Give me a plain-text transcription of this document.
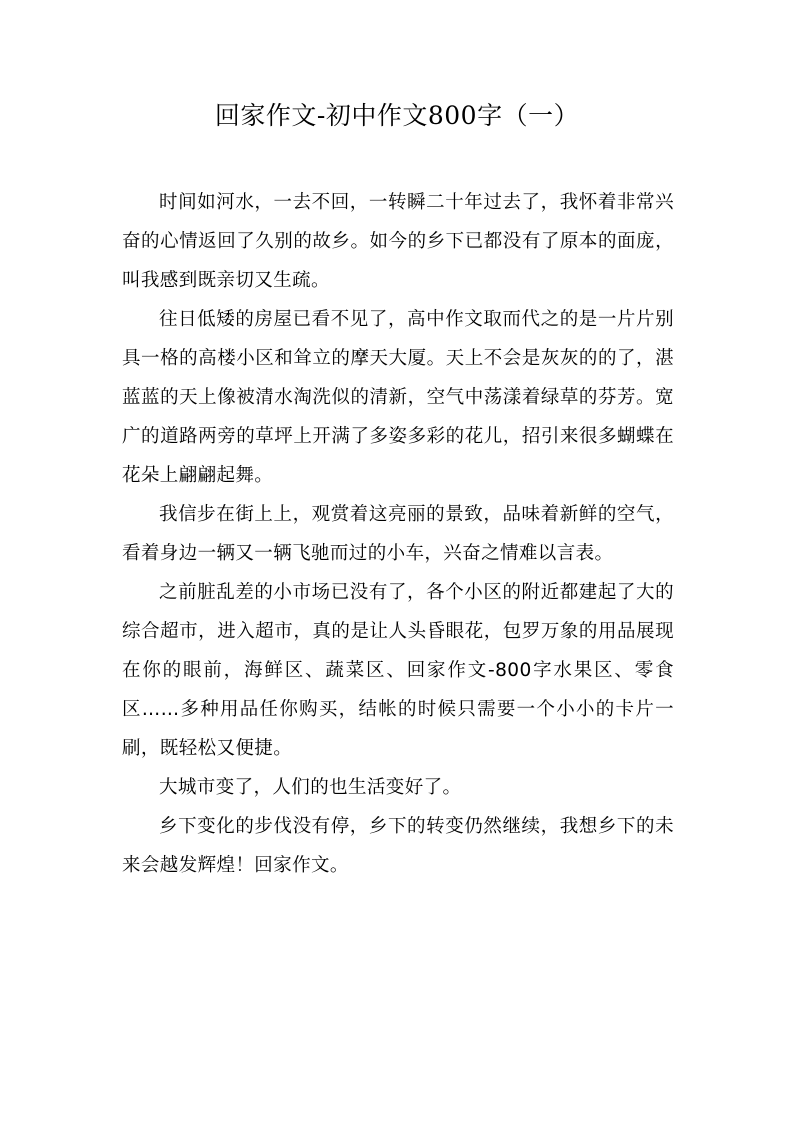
回家作文-初中作文800字（一）

时间如河水，一去不回，一转瞬二十年过去了，我怀着非常兴奋的心情返回了久别的故乡。如今的乡下已都没有了原本的面庞，叫我感到既亲切又生疏。

往日低矮的房屋已看不见了，高中作文取而代之的是一片片别具一格的高楼小区和耸立的摩天大厦。天上不会是灰灰的的了，湛蓝蓝的天上像被清水淘洗似的清新，空气中荡漾着绿草的芬芳。宽广的道路两旁的草坪上开满了多姿多彩的花儿，招引来很多蝴蝶在花朵上翩翩起舞。

我信步在街上上，观赏着这亮丽的景致，品味着新鲜的空气，看着身边一辆又一辆飞驰而过的小车，兴奋之情难以言表。

之前脏乱差的小市场已没有了，各个小区的附近都建起了大的综合超市，进入超市，真的是让人头昏眼花，包罗万象的用品展现在你的眼前，海鲜区、蔬菜区、回家作文-800字水果区、零食区……多种用品任你购买，结帐的时候只需要一个小小的卡片一刷，既轻松又便捷。

大城市变了，人们的也生活变好了。

乡下变化的步伐没有停，乡下的转变仍然继续，我想乡下的未来会越发辉煌！回家作文。
